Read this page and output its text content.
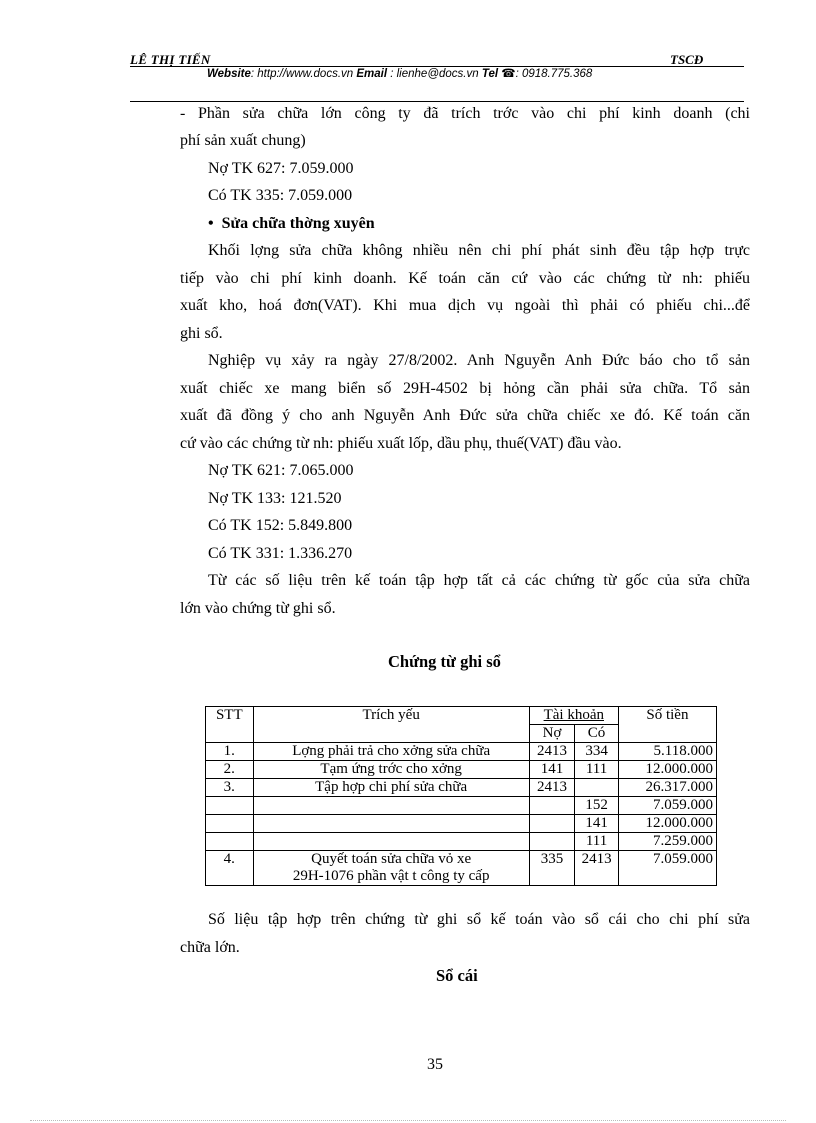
LÊ THỊ TIẾN	TSCĐ
Website: http://www.docs.vn Email : lienhe@docs.vn Tel ☎: 0918.775.368
- Phần sửa chữa lớn công ty đã trích trớc vào chi phí kinh doanh (chi
phí sản xuất chung)
Nợ TK 627: 7.059.000
Có TK 335: 7.059.000
• Sửa chữa thờng xuyên
Khối lợng sửa chữa không nhiều nên chi phí phát sinh đều tập hợp trực
tiếp vào chi phí kinh doanh. Kế toán căn cứ vào các chứng từ nh: phiếu
xuất kho, hoá đơn(VAT). Khi mua dịch vụ ngoài thì phải có phiếu chi...để
ghi sổ.
Nghiệp vụ xảy ra ngày 27/8/2002. Anh Nguyễn Anh Đức báo cho tổ sản
xuất chiếc xe mang biển số 29H-4502 bị hỏng cần phải sửa chữa. Tổ sản
xuất đã đồng ý cho anh Nguyễn Anh Đức sửa chữa chiếc xe đó. Kế toán căn
cứ vào các chứng từ nh: phiếu xuất lốp, dầu phụ, thuế(VAT) đầu vào.
Nợ TK 621: 7.065.000
Nợ TK 133: 121.520
Có TK 152: 5.849.800
Có TK 331: 1.336.270
Từ các số liệu trên kế toán tập hợp tất cả các chứng từ gốc của sửa chữa
lớn vào chứng từ ghi sổ.
Chứng từ ghi sổ
STT	Trích yếu	Tài khoản		Số tiền
		Nợ	Có	
1.	Lợng phải trả cho xởng sửa chữa	2413	334	5.118.000
2.	Tạm ứng trớc cho xởng	141	111	12.000.000
3.	Tập hợp chi phí sửa chữa	2413		26.317.000
			152	7.059.000
			141	12.000.000
			111	7.259.000
4.	Quyết toán sửa chữa vỏ xe
29H-1076 phần vật t công ty cấp	335	2413	7.059.000
Số liệu tập hợp trên chứng từ ghi sổ kế toán vào sổ cái cho chi phí sửa
chữa lớn.
Sổ cái
35
